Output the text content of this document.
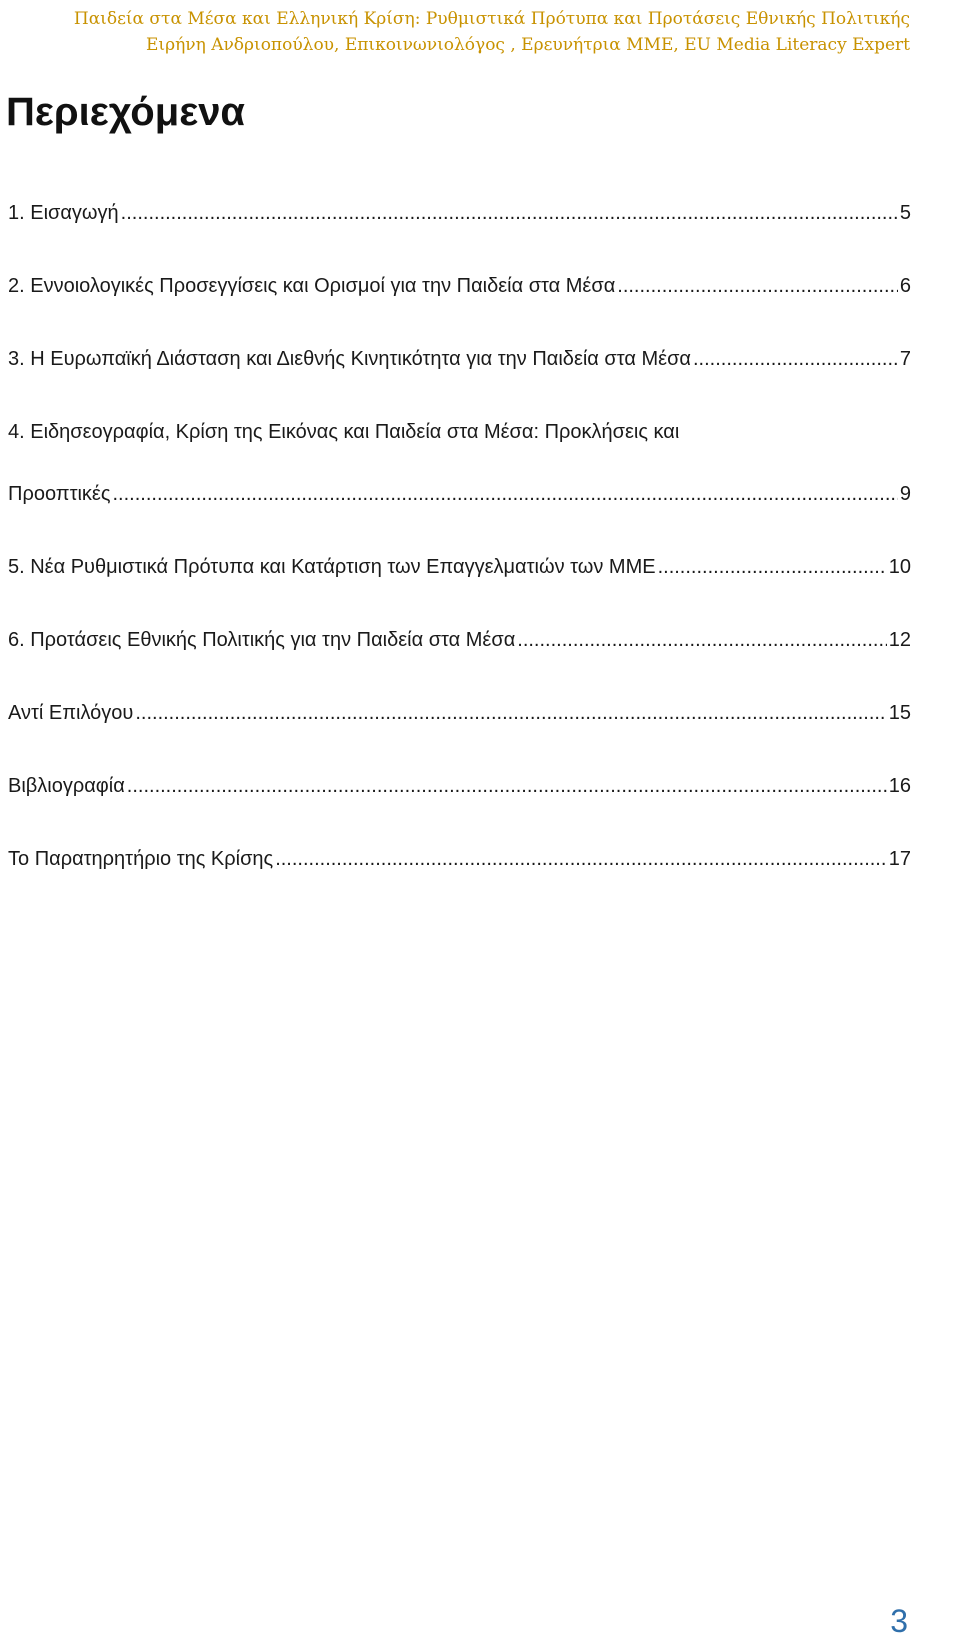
Παιδεία στα Μέσα και Ελληνική Κρίση: Ρυθμιστικά Πρότυπα και Προτάσεις Εθνικής Πολιτικής
Ειρήνη Ανδριοπούλου, Επικοινωνιολόγος , Ερευνήτρια ΜΜΕ, EU Media Literacy Expert
Περιεχόμενα
1. Εισαγωγή .....	5
2. Εννοιολογικές Προσεγγίσεις και Ορισμοί για την Παιδεία στα Μέσα .....	6
3. Η Ευρωπαϊκή Διάσταση και Διεθνής Κινητικότητα για την Παιδεία στα Μέσα .....	7
4. Ειδησεογραφία, Κρίση της Εικόνας και Παιδεία στα Μέσα: Προκλήσεις και
Προοπτικές .....	9
5. Νέα Ρυθμιστικά Πρότυπα και Κατάρτιση των Επαγγελματιών των ΜΜΕ .....	10
6. Προτάσεις Εθνικής Πολιτικής για την Παιδεία στα Μέσα .....	12
Αντί Επιλόγου .....	15
Βιβλιογραφία .....	16
Το Παρατηρητήριο της Κρίσης .....	17
3
